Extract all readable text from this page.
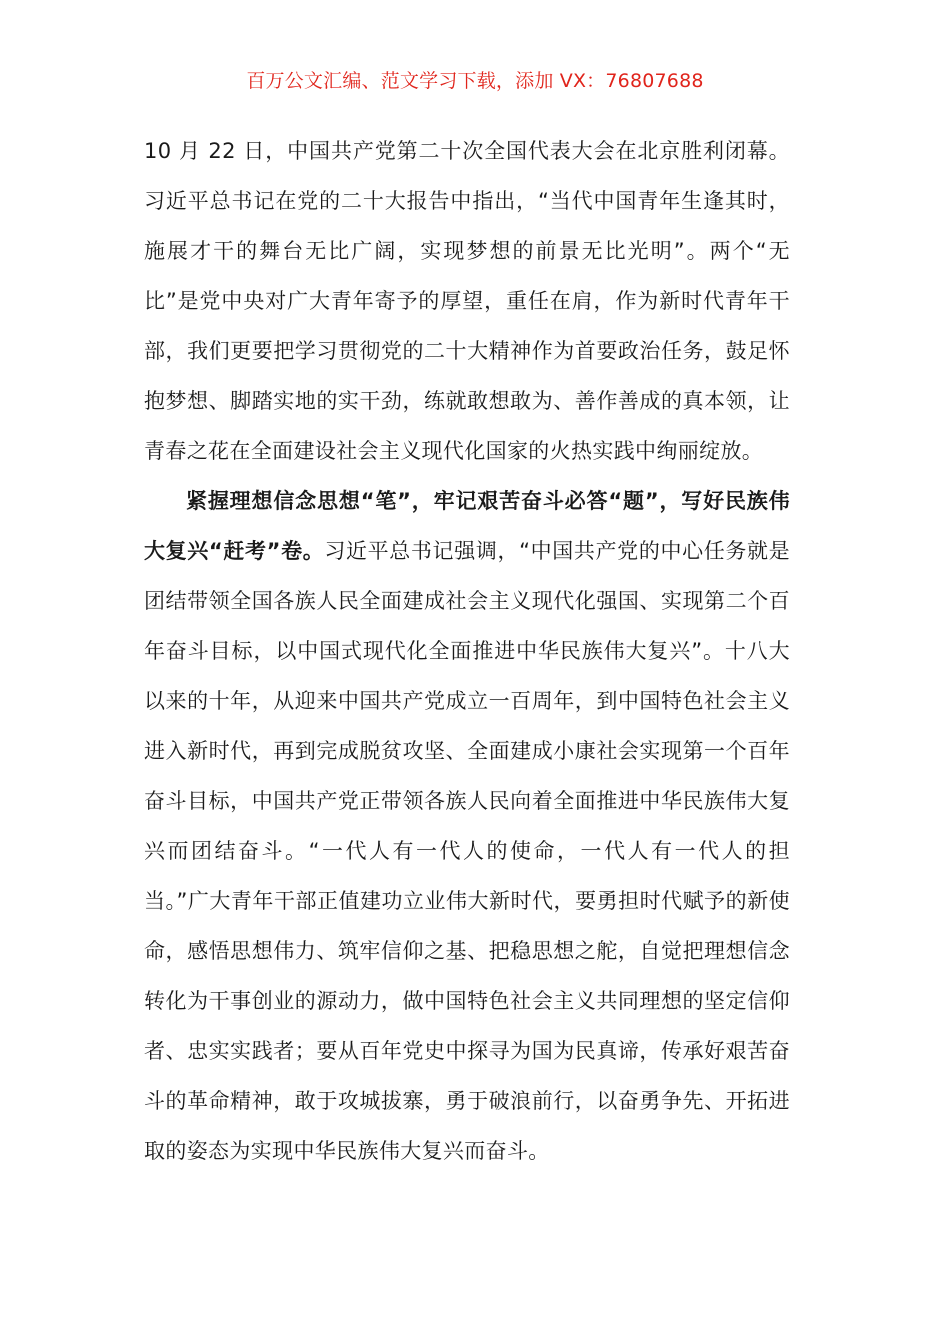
百万公文汇编、范文学习下载，添加 VX：76807688

10 月 22 日，中国共产党第二十次全国代表大会在北京胜利闭幕。习近平总书记在党的二十大报告中指出，“当代中国青年生逢其时，施展才干的舞台无比广阔，实现梦想的前景无比光明”。两个“无比”是党中央对广大青年寄予的厚望，重任在肩，作为新时代青年干部，我们更要把学习贯彻党的二十大精神作为首要政治任务，鼓足怀抱梦想、脚踏实地的实干劲，练就敢想敢为、善作善成的真本领，让青春之花在全面建设社会主义现代化国家的火热实践中绚丽绽放。

紧握理想信念思想“笔”，牢记艰苦奋斗必答“题”，写好民族伟大复兴“赶考”卷。习近平总书记强调，“中国共产党的中心任务就是团结带领全国各族人民全面建成社会主义现代化强国、实现第二个百年奋斗目标，以中国式现代化全面推进中华民族伟大复兴”。十八大以来的十年，从迎来中国共产党成立一百周年，到中国特色社会主义进入新时代，再到完成脱贫攻坚、全面建成小康社会实现第一个百年奋斗目标，中国共产党正带领各族人民向着全面推进中华民族伟大复兴而团结奋斗。“一代人有一代人的使命，一代人有一代人的担当。”广大青年干部正值建功立业伟大新时代，要勇担时代赋予的新使命，感悟思想伟力、筑牢信仰之基、把稳思想之舵，自觉把理想信念转化为干事创业的源动力，做中国特色社会主义共同理想的坚定信仰者、忠实实践者；要从百年党史中探寻为国为民真谛，传承好艰苦奋斗的革命精神，敢于攻城拔寨，勇于破浪前行，以奋勇争先、开拓进取的姿态为实现中华民族伟大复兴而奋斗。
